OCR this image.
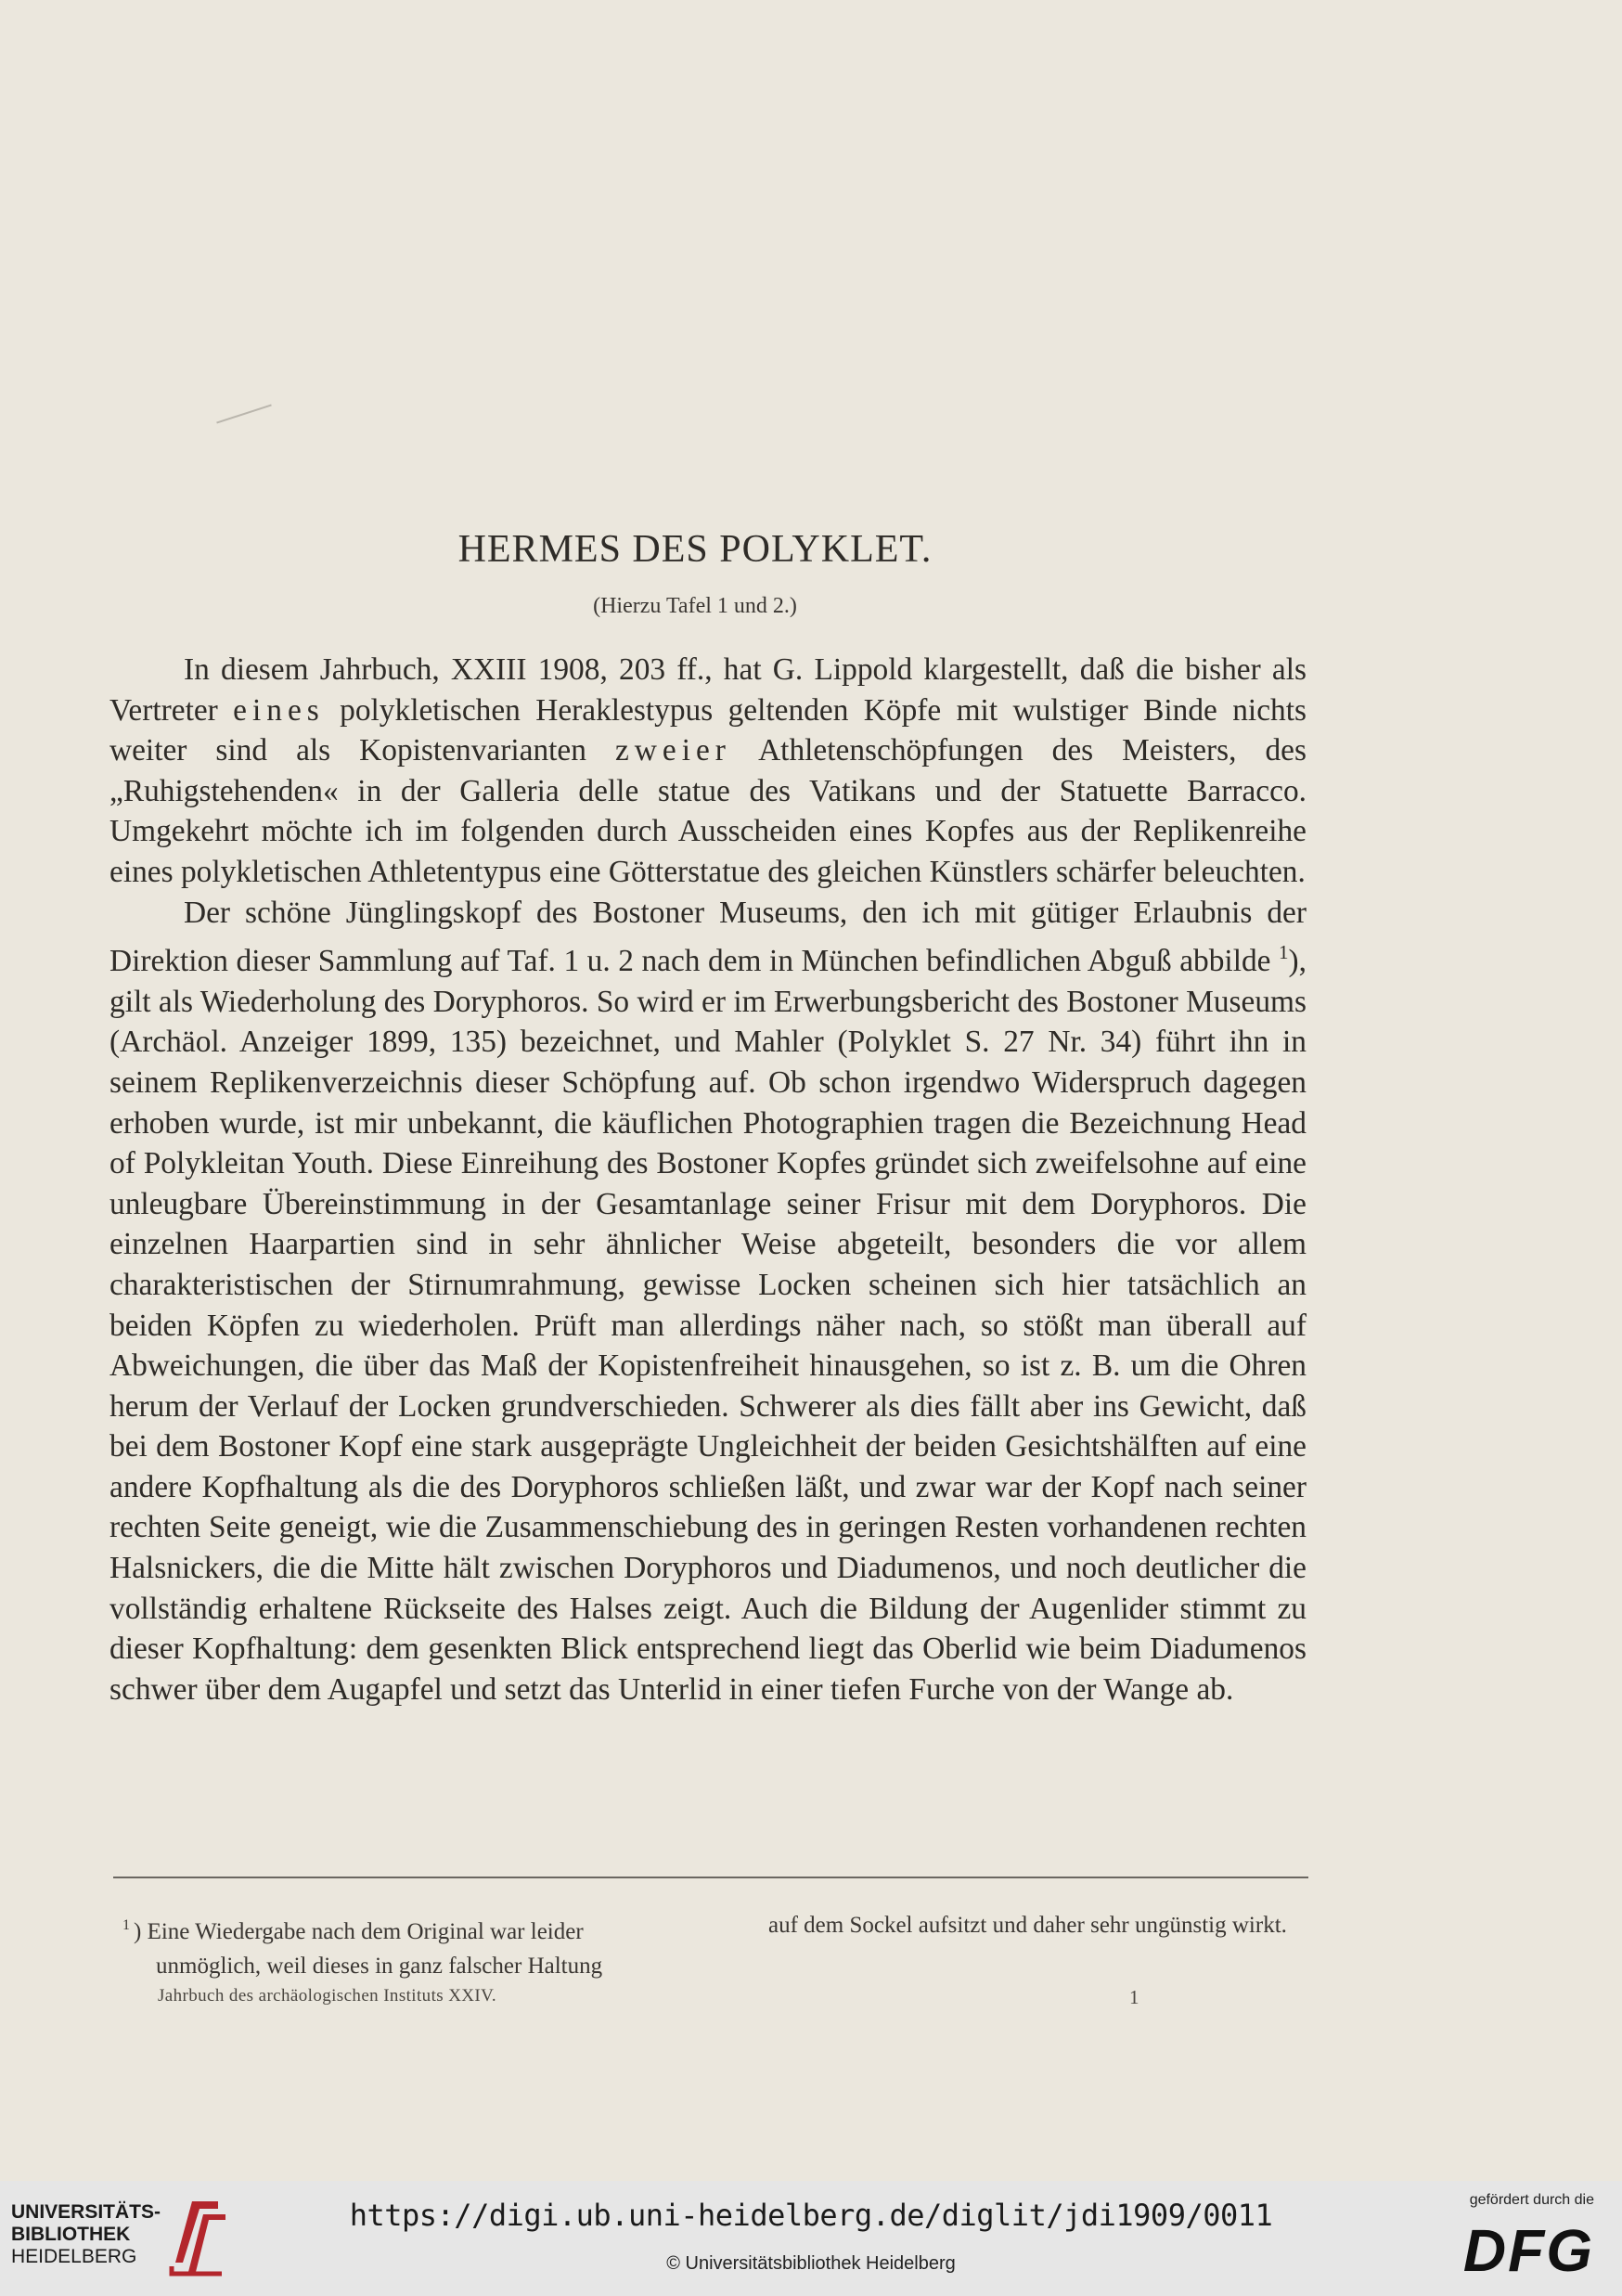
HERMES DES POLYKLET.
(Hierzu Tafel 1 und 2.)

In diesem Jahrbuch, XXIII 1908, 203 ff., hat G. Lippold klargestellt, daß die bisher als Vertreter eines polykletischen Heraklestypus geltenden Köpfe mit wulstiger Binde nichts weiter sind als Kopistenvarianten zweier Athletenschöpfungen des Meisters, des „Ruhigstehenden« in der Galleria delle statue des Vatikans und der Statuette Barracco. Umgekehrt möchte ich im folgenden durch Ausscheiden eines Kopfes aus der Replikenreihe eines polykletischen Athletentypus eine Götterstatue des gleichen Künstlers schärfer beleuchten.

Der schöne Jünglingskopf des Bostoner Museums, den ich mit gütiger Erlaubnis der Direktion dieser Sammlung auf Taf. 1 u. 2 nach dem in München befindlichen Abguß abbilde $^1$), gilt als Wiederholung des Doryphoros. So wird er im Erwerbungsbericht des Bostoner Museums (Archäol. Anzeiger 1899, 135) bezeichnet, und Mahler (Polyklet S. 27 Nr. 34) führt ihn in seinem Replikenverzeichnis dieser Schöpfung auf. Ob schon irgendwo Widerspruch dagegen erhoben wurde, ist mir unbekannt, die käuflichen Photographien tragen die Bezeichnung Head of Polykleitan Youth. Diese Einreihung des Bostoner Kopfes gründet sich zweifelsohne auf eine unleugbare Übereinstimmung in der Gesamtanlage seiner Frisur mit dem Doryphoros. Die einzelnen Haarpartien sind in sehr ähnlicher Weise abgeteilt, besonders die vor allem charakteristischen der Stirnumrahmung, gewisse Locken scheinen sich hier tatsächlich an beiden Köpfen zu wiederholen. Prüft man allerdings näher nach, so stößt man überall auf Abweichungen, die über das Maß der Kopistenfreiheit hinausgehen, so ist z. B. um die Ohren herum der Verlauf der Locken grundverschieden. Schwerer als dies fällt aber ins Gewicht, daß bei dem Bostoner Kopf eine stark ausgeprägte Ungleichheit der beiden Gesichtshälften auf eine andere Kopfhaltung als die des Doryphoros schließen läßt, und zwar war der Kopf nach seiner rechten Seite geneigt, wie die Zusammenschiebung des in geringen Resten vorhandenen rechten Halsnickers, die die Mitte hält zwischen Doryphoros und Diadumenos, und noch deutlicher die vollständig erhaltene Rückseite des Halses zeigt. Auch die Bildung der Augenlider stimmt zu dieser Kopfhaltung: dem gesenkten Blick entsprechend liegt das Oberlid wie beim Diadumenos schwer über dem Augapfel und setzt das Unterlid in einer tiefen Furche von der Wange ab.

$^1$ ) Eine Wiedergabe nach dem Original war leider
unmöglich, weil dieses in ganz falscher Haltung
auf dem Sockel aufsitzt und daher sehr ungünstig wirkt.
Jahrbuch des archäologischen Instituts XXIV.	1
UNIVERSITÄTS-
BIBLIOTHEK
HEIDELBERG
https://digi.ub.uni-heidelberg.de/diglit/jdi1909/0011
© Universitätsbibliothek Heidelberg
gefördert durch die
DFG
